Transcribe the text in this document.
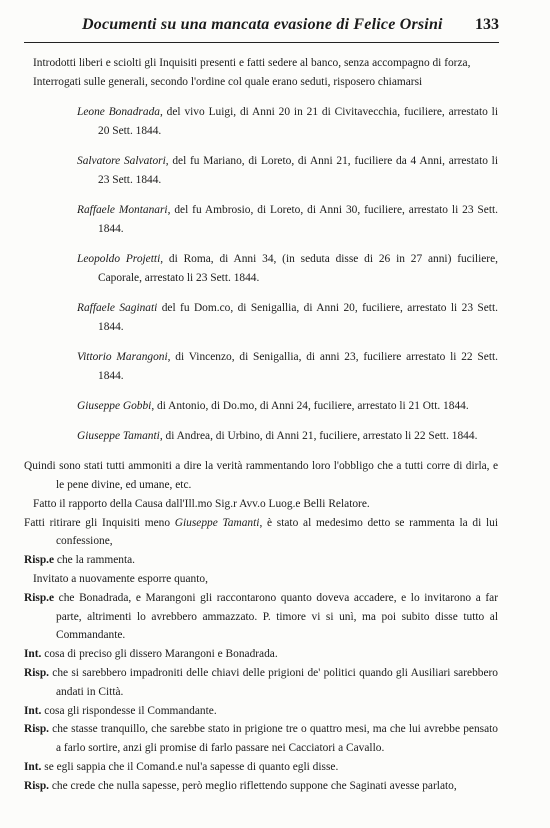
Documenti su una mancata evasione di Felice Orsini 133

Introdotti liberi e sciolti gli Inquisiti presenti e fatti sedere al banco, senza accompagno di forza,

Interrogati sulle generali, secondo l'ordine col quale erano seduti, risposero chiamarsi

Leone Bonadrada, del vivo Luigi, di Anni 20 in 21 di Civitavecchia, fuciliere, arrestato li 20 Sett. 1844.

Salvatore Salvatori, del fu Mariano, di Loreto, di Anni 21, fuciliere da 4 Anni, arrestato li 23 Sett. 1844.

Raffaele Montanari, del fu Ambrosio, di Loreto, di Anni 30, fuciliere, arrestato li 23 Sett. 1844.

Leopoldo Projetti, di Roma, di Anni 34, (in seduta disse di 26 in 27 anni) fuciliere, Caporale, arrestato li 23 Sett. 1844.

Raffaele Saginati del fu Dom.co, di Senigallia, di Anni 20, fuciliere, arrestato li 23 Sett. 1844.

Vittorio Marangoni, di Vincenzo, di Senigallia, di anni 23, fuciliere arrestato li 22 Sett. 1844.

Giuseppe Gobbi, di Antonio, di Do.mo, di Anni 24, fuciliere, arrestato li 21 Ott. 1844.

Giuseppe Tamanti, di Andrea, di Urbino, di Anni 21, fuciliere, arrestato li 22 Sett. 1844.

Quindi sono stati tutti ammoniti a dire la verità rammentando loro l'obbligo che a tutti corre di dirla, e le pene divine, ed umane, etc.

Fatto il rapporto della Causa dall'Ill.mo Sig.r Avv.o Luog.e Belli Relatore.

Fatti ritirare gli Inquisiti meno Giuseppe Tamanti, è stato al medesimo detto se rammenta la di lui confessione,

Risp.e che la rammenta.

Invitato a nuovamente esporre quanto,

Risp.e che Bonadrada, e Marangoni gli raccontarono quanto doveva accadere, e lo invitarono a far parte, altrimenti lo avrebbero ammazzato. P. timore vi si unì, ma poi subito disse tutto al Commandante.

Int. cosa di preciso gli dissero Marangoni e Bonadrada.

Risp. che si sarebbero impadroniti delle chiavi delle prigioni de' politici quando gli Ausiliari sarebbero andati in Città.

Int. cosa gli rispondesse il Commandante.

Risp. che stasse tranquillo, che sarebbe stato in prigione tre o quattro mesi, ma che lui avrebbe pensato a farlo sortire, anzi gli promise di farlo passare nei Cacciatori a Cavallo.

Int. se egli sappia che il Comand.e nul'a sapesse di quanto egli disse.

Risp. che crede che nulla sapesse, però meglio riflettendo suppone che Saginati avesse parlato,
